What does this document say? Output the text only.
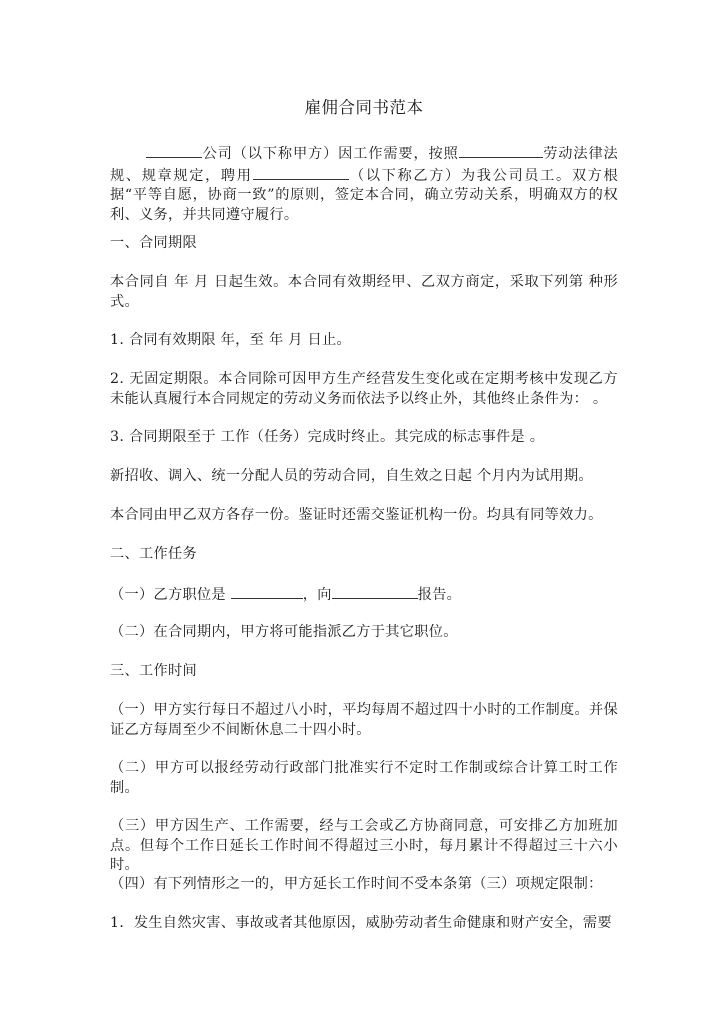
雇佣合同书范本
公司（以下称甲方）因工作需要，按照	劳动法律法规、规章规定，聘用	（以下称乙方）为我公司员工。双方根据“平等自愿，协商一致”的原则，签定本合同，确立劳动关系，明确双方的权利、义务，并共同遵守履行。
一、合同期限
本合同自 年 月 日起生效。本合同有效期经甲、乙双方商定，采取下列第 种形式。
1. 合同有效期限 年，至 年 月 日止。
2. 无固定期限。本合同除可因甲方生产经营发生变化或在定期考核中发现乙方未能认真履行本合同规定的劳动义务而依法予以终止外，其他终止条件为： 。
3. 合同期限至于 工作（任务）完成时终止。其完成的标志事件是 。
新招收、调入、统一分配人员的劳动合同，自生效之日起 个月内为试用期。
本合同由甲乙双方各存一份。鉴证时还需交鉴证机构一份。均具有同等效力。
二、工作任务
（一）乙方职位是	，向	报告。
（二）在合同期内，甲方将可能指派乙方于其它职位。
三、工作时间
（一）甲方实行每日不超过八小时，平均每周不超过四十小时的工作制度。并保证乙方每周至少不间断休息二十四小时。
（二）甲方可以报经劳动行政部门批准实行不定时工作制或综合计算工时工作制。
（三）甲方因生产、工作需要，经与工会或乙方协商同意，可安排乙方加班加点。但每个工作日延长工作时间不得超过三小时，每月累计不得超过三十六小时。
（四）有下列情形之一的，甲方延长工作时间不受本条第（三）项规定限制：
1．发生自然灾害、事故或者其他原因，威胁劳动者生命健康和财产安全，需要
